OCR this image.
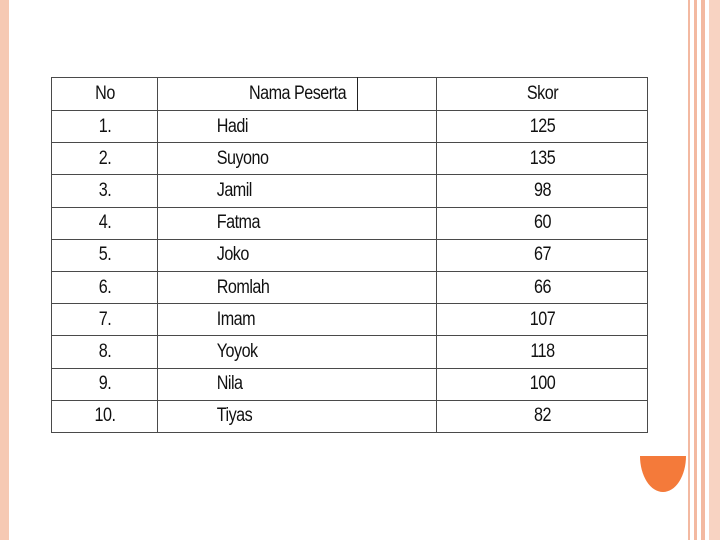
No	Nama Peserta	Skor
1.	Hadi	125
2.	Suyono	135
3.	Jamil	98
4.	Fatma	60
5.	Joko	67
6.	Romlah	66
7.	Imam	107
8.	Yoyok	118
9.	Nila	100
10.	Tiyas	82
